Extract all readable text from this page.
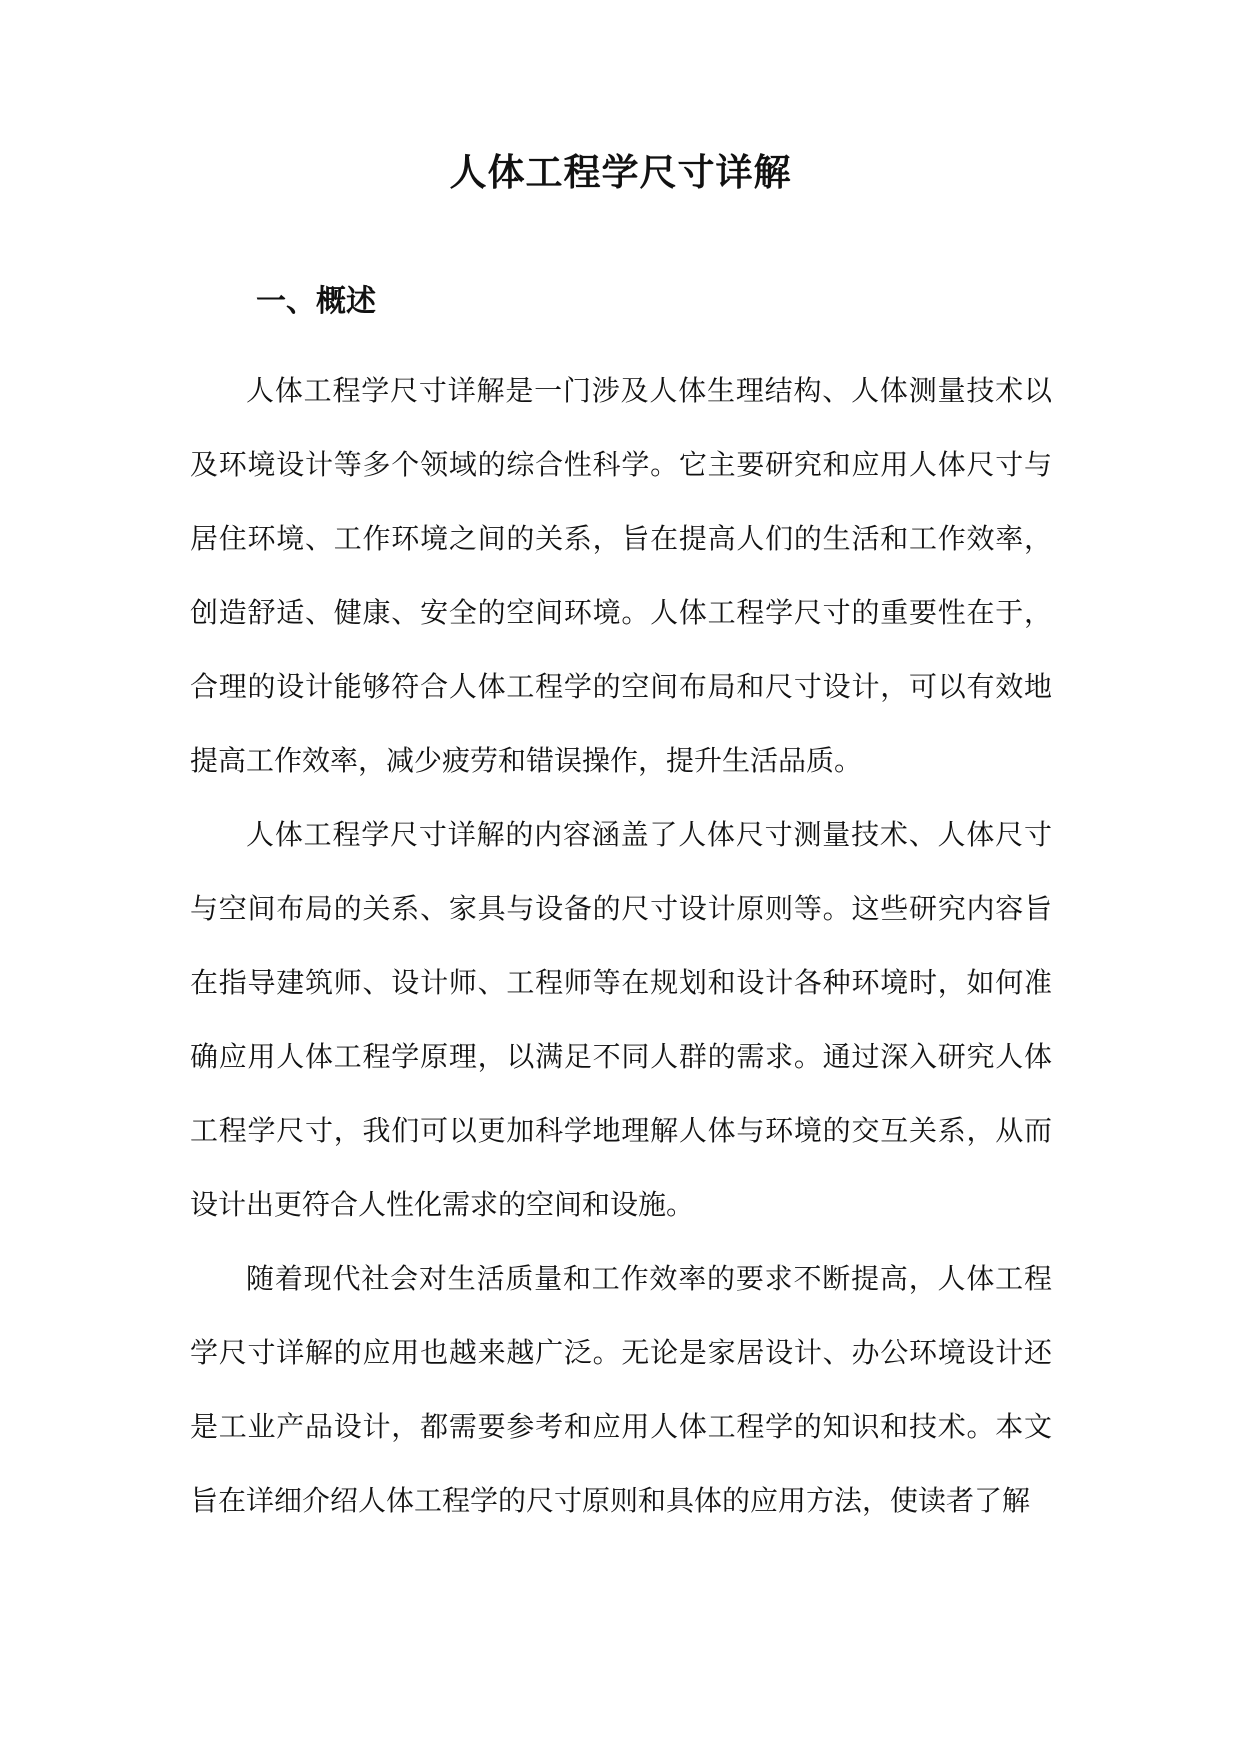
人体工程学尺寸详解
一、概述

人体工程学尺寸详解是一门涉及人体生理结构、人体测量技术以及环境设计等多个领域的综合性科学。它主要研究和应用人体尺寸与居住环境、工作环境之间的关系，旨在提高人们的生活和工作效率，创造舒适、健康、安全的空间环境。人体工程学尺寸的重要性在于，合理的设计能够符合人体工程学的空间布局和尺寸设计，可以有效地提高工作效率，减少疲劳和错误操作，提升生活品质。

人体工程学尺寸详解的内容涵盖了人体尺寸测量技术、人体尺寸与空间布局的关系、家具与设备的尺寸设计原则等。这些研究内容旨在指导建筑师、设计师、工程师等在规划和设计各种环境时，如何准确应用人体工程学原理，以满足不同人群的需求。通过深入研究人体工程学尺寸，我们可以更加科学地理解人体与环境的交互关系，从而设计出更符合人性化需求的空间和设施。

随着现代社会对生活质量和工作效率的要求不断提高，人体工程学尺寸详解的应用也越来越广泛。无论是家居设计、办公环境设计还是工业产品设计，都需要参考和应用人体工程学的知识和技术。本文旨在详细介绍人体工程学的尺寸原则和具体的应用方法，使读者了解
